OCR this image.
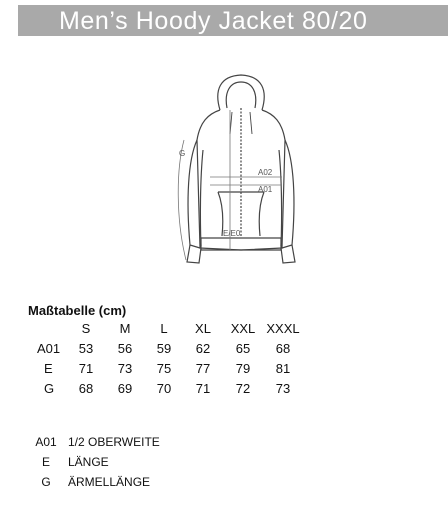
Men’s Hoody Jacket 80/20
G
A02
A01
E/E0
Maßtabelle (cm)
S	M	L	XL	XXL XXXL
A01	53	56	59	62	65	68
E	71	73	75	77	79	81
G	68	69	70	71	72	73
A01 1/2 OBERWEITE
E	LÄNGE
G	ÄRMELLÄNGE
